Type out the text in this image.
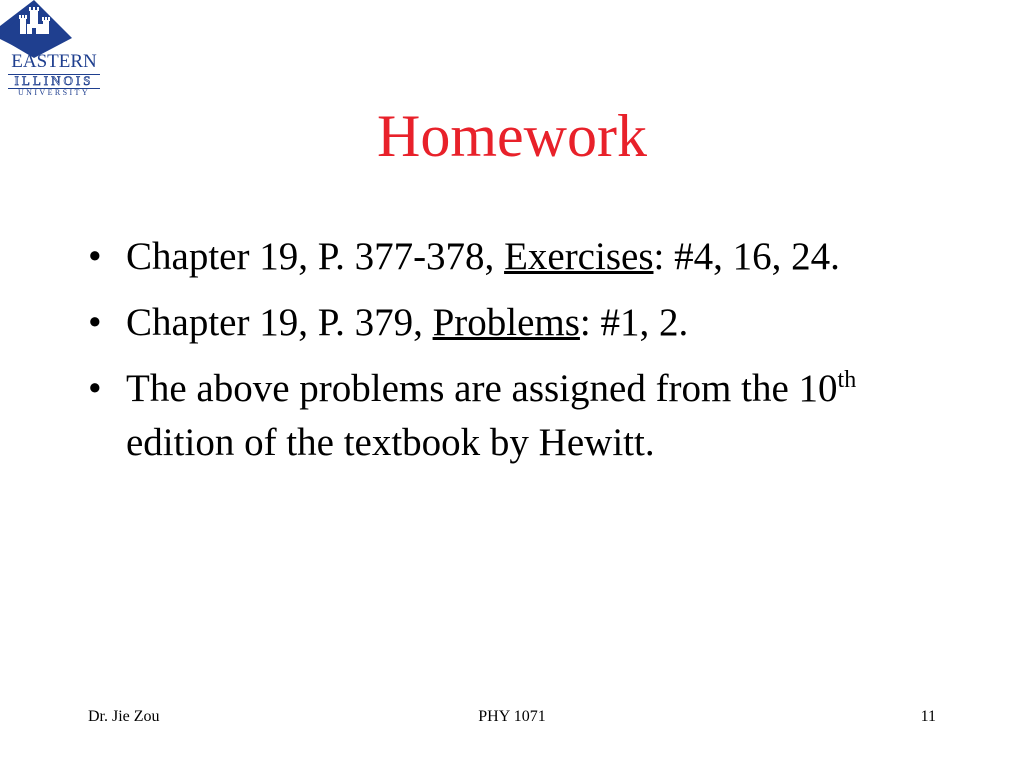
EASTERN
ILLINOIS
UNIVERSITY
Homework
• Chapter 19, P. 377-378, Exercises: #4, 16, 24.
• Chapter 19, P. 379, Problems: #1, 2.
• The above problems are assigned from the 10th edition of the textbook by Hewitt.
Dr. Jie Zou	PHY 1071	11
